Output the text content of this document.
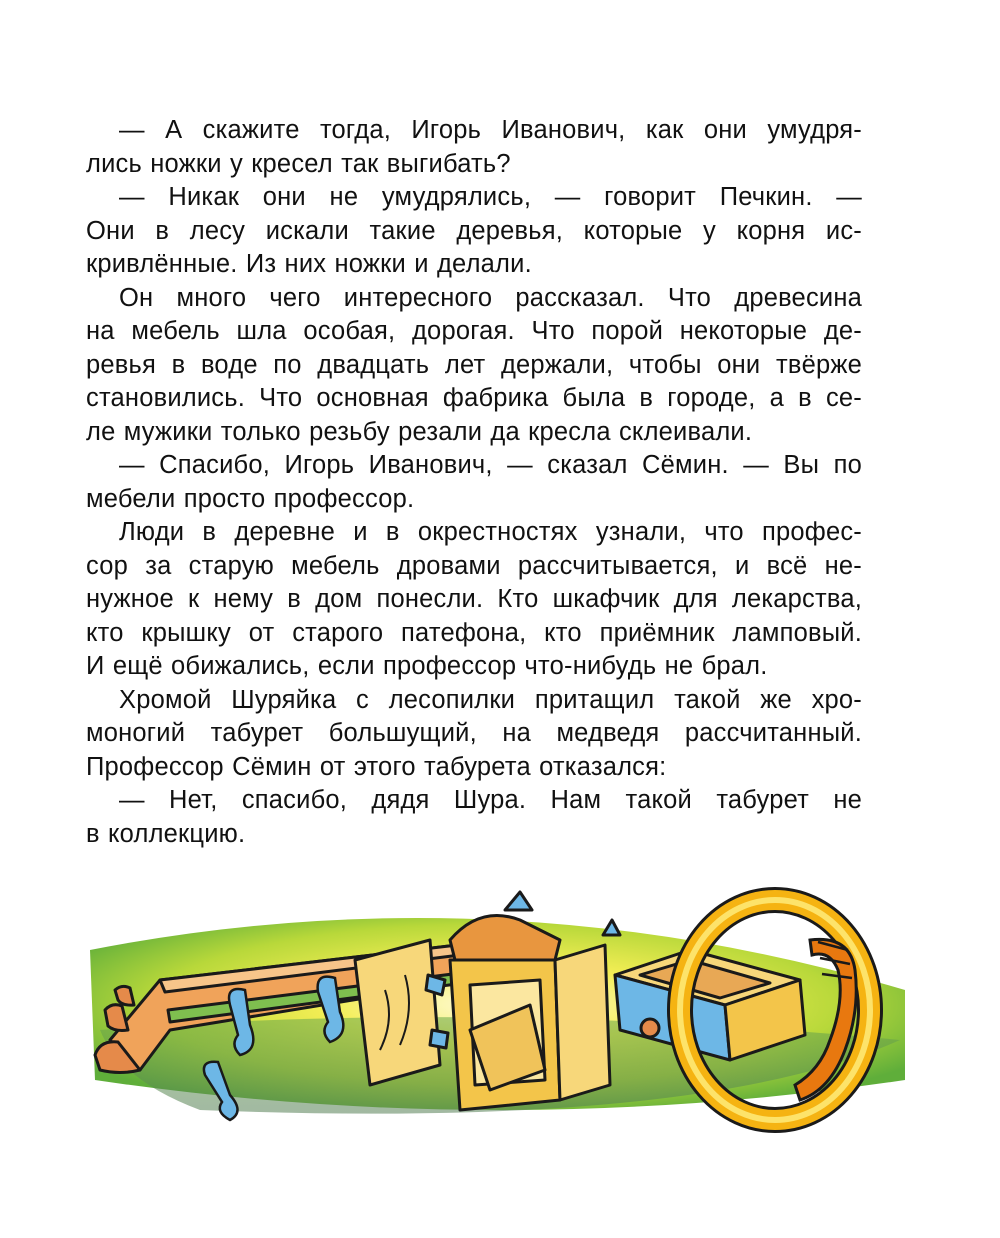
— А скажите тогда, Игорь Иванович, как они умудря-
лись ножки у кресел так выгибать?
— Никак они не умудрялись, — говорит Печкин. —
Они в лесу искали такие деревья, которые у корня ис-
кривлённые. Из них ножки и делали.
Он много чего интересного рассказал. Что древесина
на мебель шла особая, дорогая. Что порой некоторые де-
ревья в воде по двадцать лет держали, чтобы они твёрже
становились. Что основная фабрика была в городе, а в се-
ле мужики только резьбу резали да кресла склеивали.
— Спасибо, Игорь Иванович, — сказал Сёмин. — Вы по
мебели просто профессор.
Люди в деревне и в окрестностях узнали, что профес-
сор за старую мебель дровами рассчитывается, и всё не-
нужное к нему в дом понесли. Кто шкафчик для лекарства,
кто крышку от старого патефона, кто приёмник ламповый.
И ещё обижались, если профессор что-нибудь не брал.
Хромой Шуряйка с лесопилки притащил такой же хро-
моногий табурет большущий, на медведя рассчитанный.
Профессор Сёмин от этого табурета отказался:
— Нет, спасибо, дядя Шура. Нам такой табурет не
в коллекцию.
